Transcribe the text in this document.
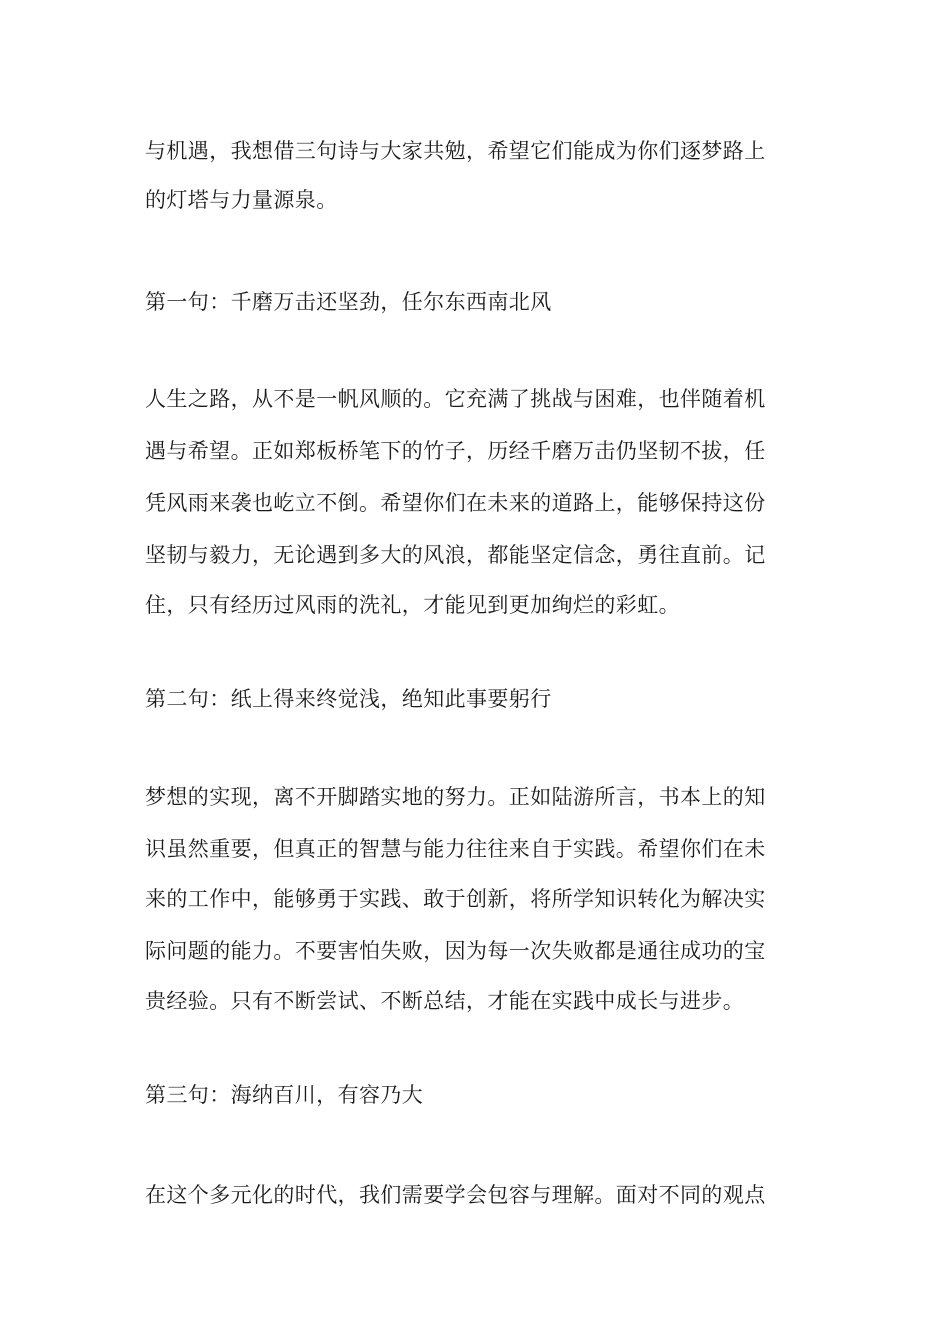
与机遇，我想借三句诗与大家共勉，希望它们能成为你们逐梦路上
的灯塔与力量源泉。
第一句：千磨万击还坚劲，任尔东西南北风
人生之路，从不是一帆风顺的。它充满了挑战与困难，也伴随着机
遇与希望。正如郑板桥笔下的竹子，历经千磨万击仍坚韧不拔，任
凭风雨来袭也屹立不倒。希望你们在未来的道路上，能够保持这份
坚韧与毅力，无论遇到多大的风浪，都能坚定信念，勇往直前。记
住，只有经历过风雨的洗礼，才能见到更加绚烂的彩虹。
第二句：纸上得来终觉浅，绝知此事要躬行
梦想的实现，离不开脚踏实地的努力。正如陆游所言，书本上的知
识虽然重要，但真正的智慧与能力往往来自于实践。希望你们在未
来的工作中，能够勇于实践、敢于创新，将所学知识转化为解决实
际问题的能力。不要害怕失败，因为每一次失败都是通往成功的宝
贵经验。只有不断尝试、不断总结，才能在实践中成长与进步。
第三句：海纳百川，有容乃大
在这个多元化的时代，我们需要学会包容与理解。面对不同的观点
